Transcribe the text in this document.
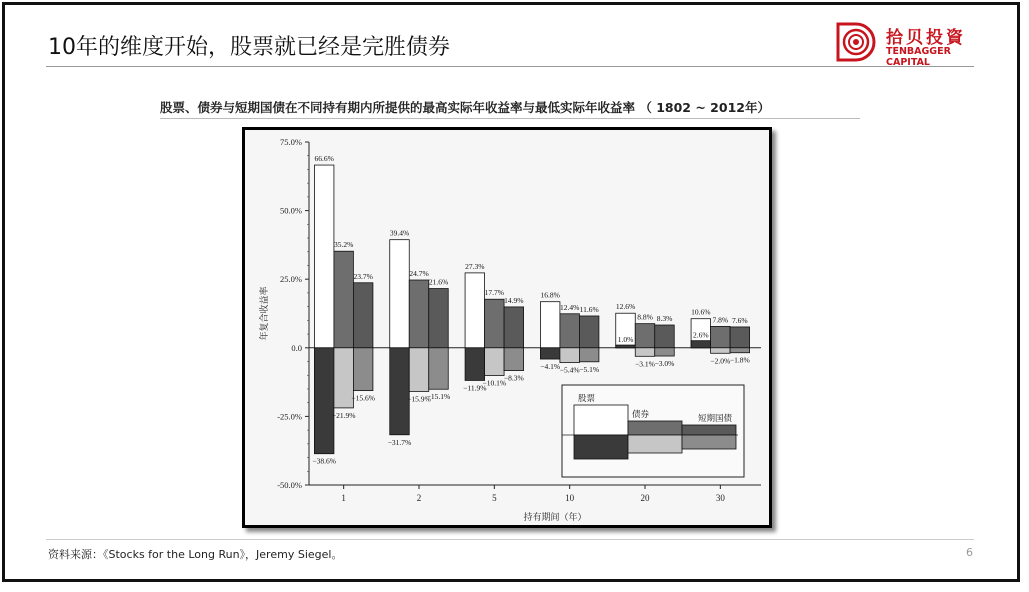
10年的维度开始，股票就已经是完胜债券	拾贝投資
TENBAGGER CAPITAL
股票、债券与短期国债在不同持有期内所提供的最高实际年收益率与最低实际年收益率 （ 1802 ~ 2012年）
75.0%
50.0%
25.0%
0.0
-25.0%
-50.0%
年复合收益率
持有期间（年）
1	2	5	10	20	30
66.6%
−38.6%
35.2%
−21.9%
23.7%
−15.6%
39.4%
−31.7%
24.7%
−15.9%
21.6%
−15.1%
27.3%
−11.9%
17.7%
−10.1%
14.9%
−8.3%
16.8%
−4.1%
12.4%
−5.4%
11.6%
−5.1%
12.6%
1.0%
8.8%
−3.1%
8.3%
−3.0%
10.6%
2.6%
7.8%
−2.0%
7.6%
−1.8%
股票
债券	短期国债
资料来源：《Stocks for the Long Run》，Jeremy Siegel。	6
